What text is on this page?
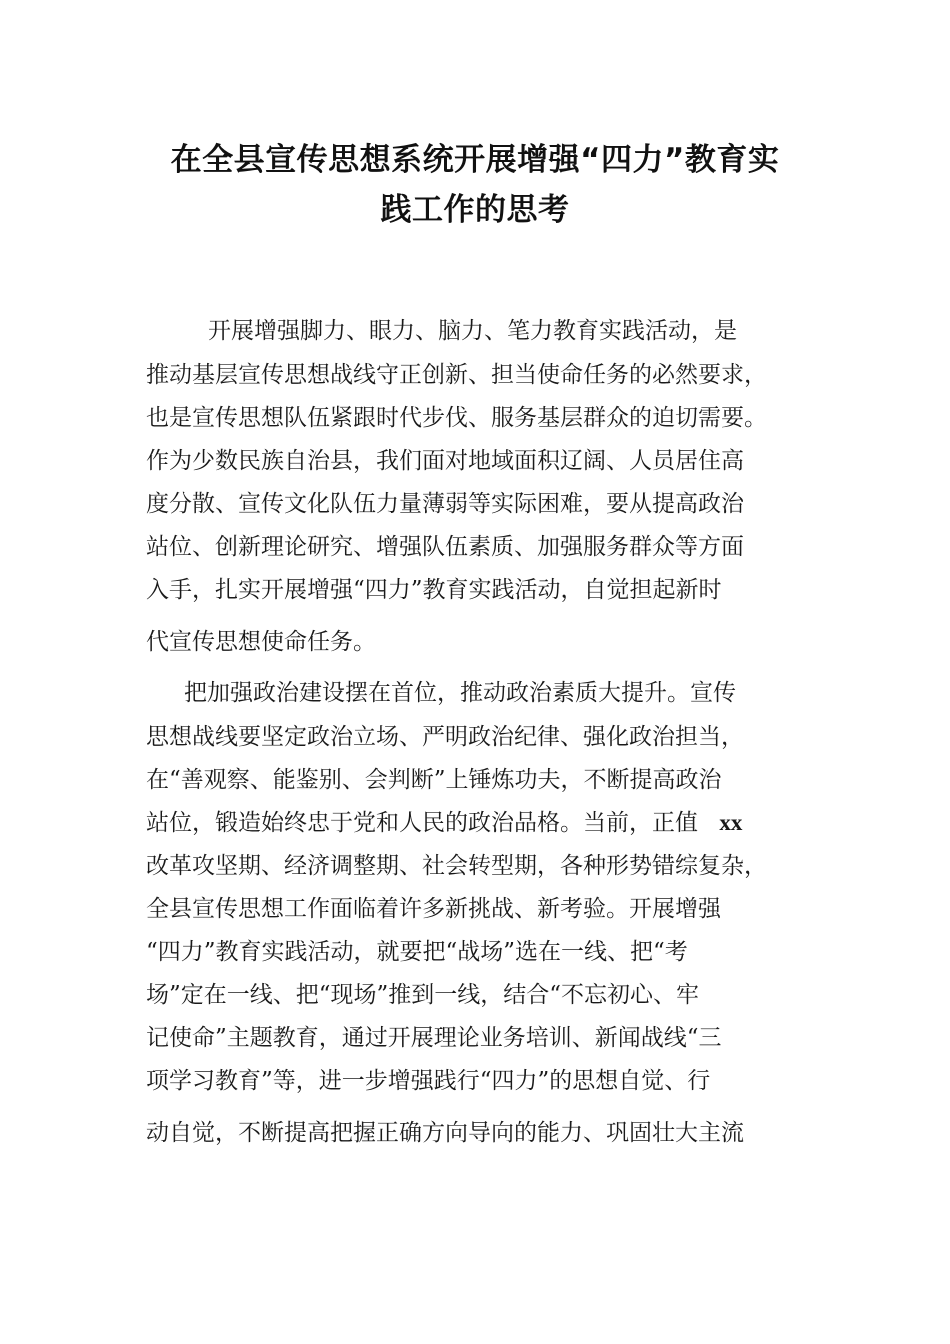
在全县宣传思想系统开展增强“四力”教育实
践工作的思考
开展增强脚力、眼力、脑力、笔力教育实践活动，是
推动基层宣传思想战线守正创新、担当使命任务的必然要求，
也是宣传思想队伍紧跟时代步伐、服务基层群众的迫切需要。
作为少数民族自治县，我们面对地域面积辽阔、人员居住高
度分散、宣传文化队伍力量薄弱等实际困难，要从提高政治
站位、创新理论研究、增强队伍素质、加强服务群众等方面
入手，扎实开展增强“四力”教育实践活动，自觉担起新时
代宣传思想使命任务。
把加强政治建设摆在首位，推动政治素质大提升。宣传
思想战线要坚定政治立场、严明政治纪律、强化政治担当，
在“善观察、能鉴别、会判断”上锤炼功夫，不断提高政治
站位，锻造始终忠于党和人民的政治品格。当前，正值 xx
改革攻坚期、经济调整期、社会转型期，各种形势错综复杂，
全县宣传思想工作面临着许多新挑战、新考验。开展增强
“四力”教育实践活动，就要把“战场”选在一线、把“考
场”定在一线、把“现场”推到一线，结合“不忘初心、牢
记使命”主题教育，通过开展理论业务培训、新闻战线“三
项学习教育”等，进一步增强践行“四力”的思想自觉、行
动自觉，不断提高把握正确方向导向的能力、巩固壮大主流
